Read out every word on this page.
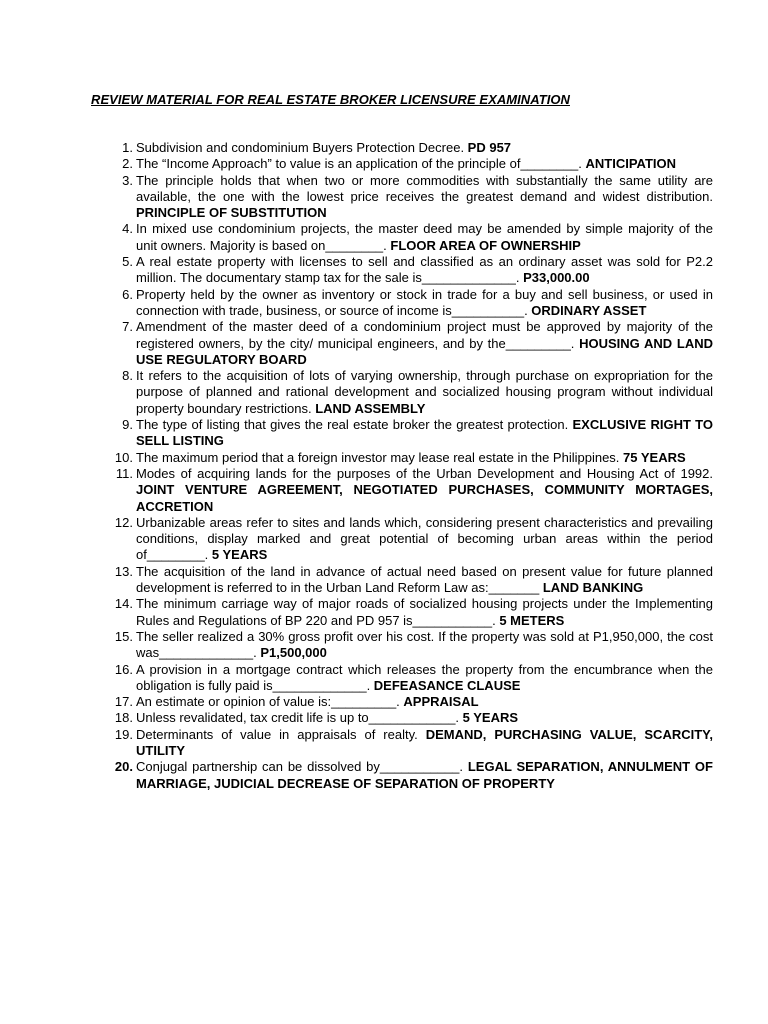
REVIEW MATERIAL FOR REAL ESTATE BROKER LICENSURE EXAMINATION
1. Subdivision and condominium Buyers Protection Decree. PD 957
2. The “Income Approach” to value is an application of the principle of________. ANTICIPATION
3. The principle holds that when two or more commodities with substantially the same utility are available, the one with the lowest price receives the greatest demand and widest distribution. PRINCIPLE OF SUBSTITUTION
4. In mixed use condominium projects, the master deed may be amended by simple majority of the unit owners. Majority is based on________. FLOOR AREA OF OWNERSHIP
5. A real estate property with licenses to sell and classified as an ordinary asset was sold for P2.2 million. The documentary stamp tax for the sale is_____________. P33,000.00
6. Property held by the owner as inventory or stock in trade for a buy and sell business, or used in connection with trade, business, or source of income is__________. ORDINARY ASSET
7. Amendment of the master deed of a condominium project must be approved by majority of the registered owners, by the city/ municipal engineers, and by the_________. HOUSING AND LAND USE REGULATORY BOARD
8. It refers to the acquisition of lots of varying ownership, through purchase on expropriation for the purpose of planned and rational development and socialized housing program without individual property boundary restrictions. LAND ASSEMBLY
9. The type of listing that gives the real estate broker the greatest protection. EXCLUSIVE RIGHT TO SELL LISTING
10. The maximum period that a foreign investor may lease real estate in the Philippines. 75 YEARS
11. Modes of acquiring lands for the purposes of the Urban Development and Housing Act of 1992. JOINT VENTURE AGREEMENT, NEGOTIATED PURCHASES, COMMUNITY MORTAGES, ACCRETION
12. Urbanizable areas refer to sites and lands which, considering present characteristics and prevailing conditions, display marked and great potential of becoming urban areas within the period of________. 5 YEARS
13. The acquisition of the land in advance of actual need based on present value for future planned development is referred to in the Urban Land Reform Law as:_______ LAND BANKING
14. The minimum carriage way of major roads of socialized housing projects under the Implementing Rules and Regulations of BP 220 and PD 957 is___________. 5 METERS
15. The seller realized a 30% gross profit over his cost. If the property was sold at P1,950,000, the cost was_____________. P1,500,000
16. A provision in a mortgage contract which releases the property from the encumbrance when the obligation is fully paid is_____________. DEFEASANCE CLAUSE
17. An estimate or opinion of value is:_________. APPRAISAL
18. Unless revalidated, tax credit life is up to____________. 5 YEARS
19. Determinants of value in appraisals of realty. DEMAND, PURCHASING VALUE, SCARCITY, UTILITY
20. Conjugal partnership can be dissolved by___________. LEGAL SEPARATION, ANNULMENT OF MARRIAGE, JUDICIAL DECREASE OF SEPARATION OF PROPERTY
